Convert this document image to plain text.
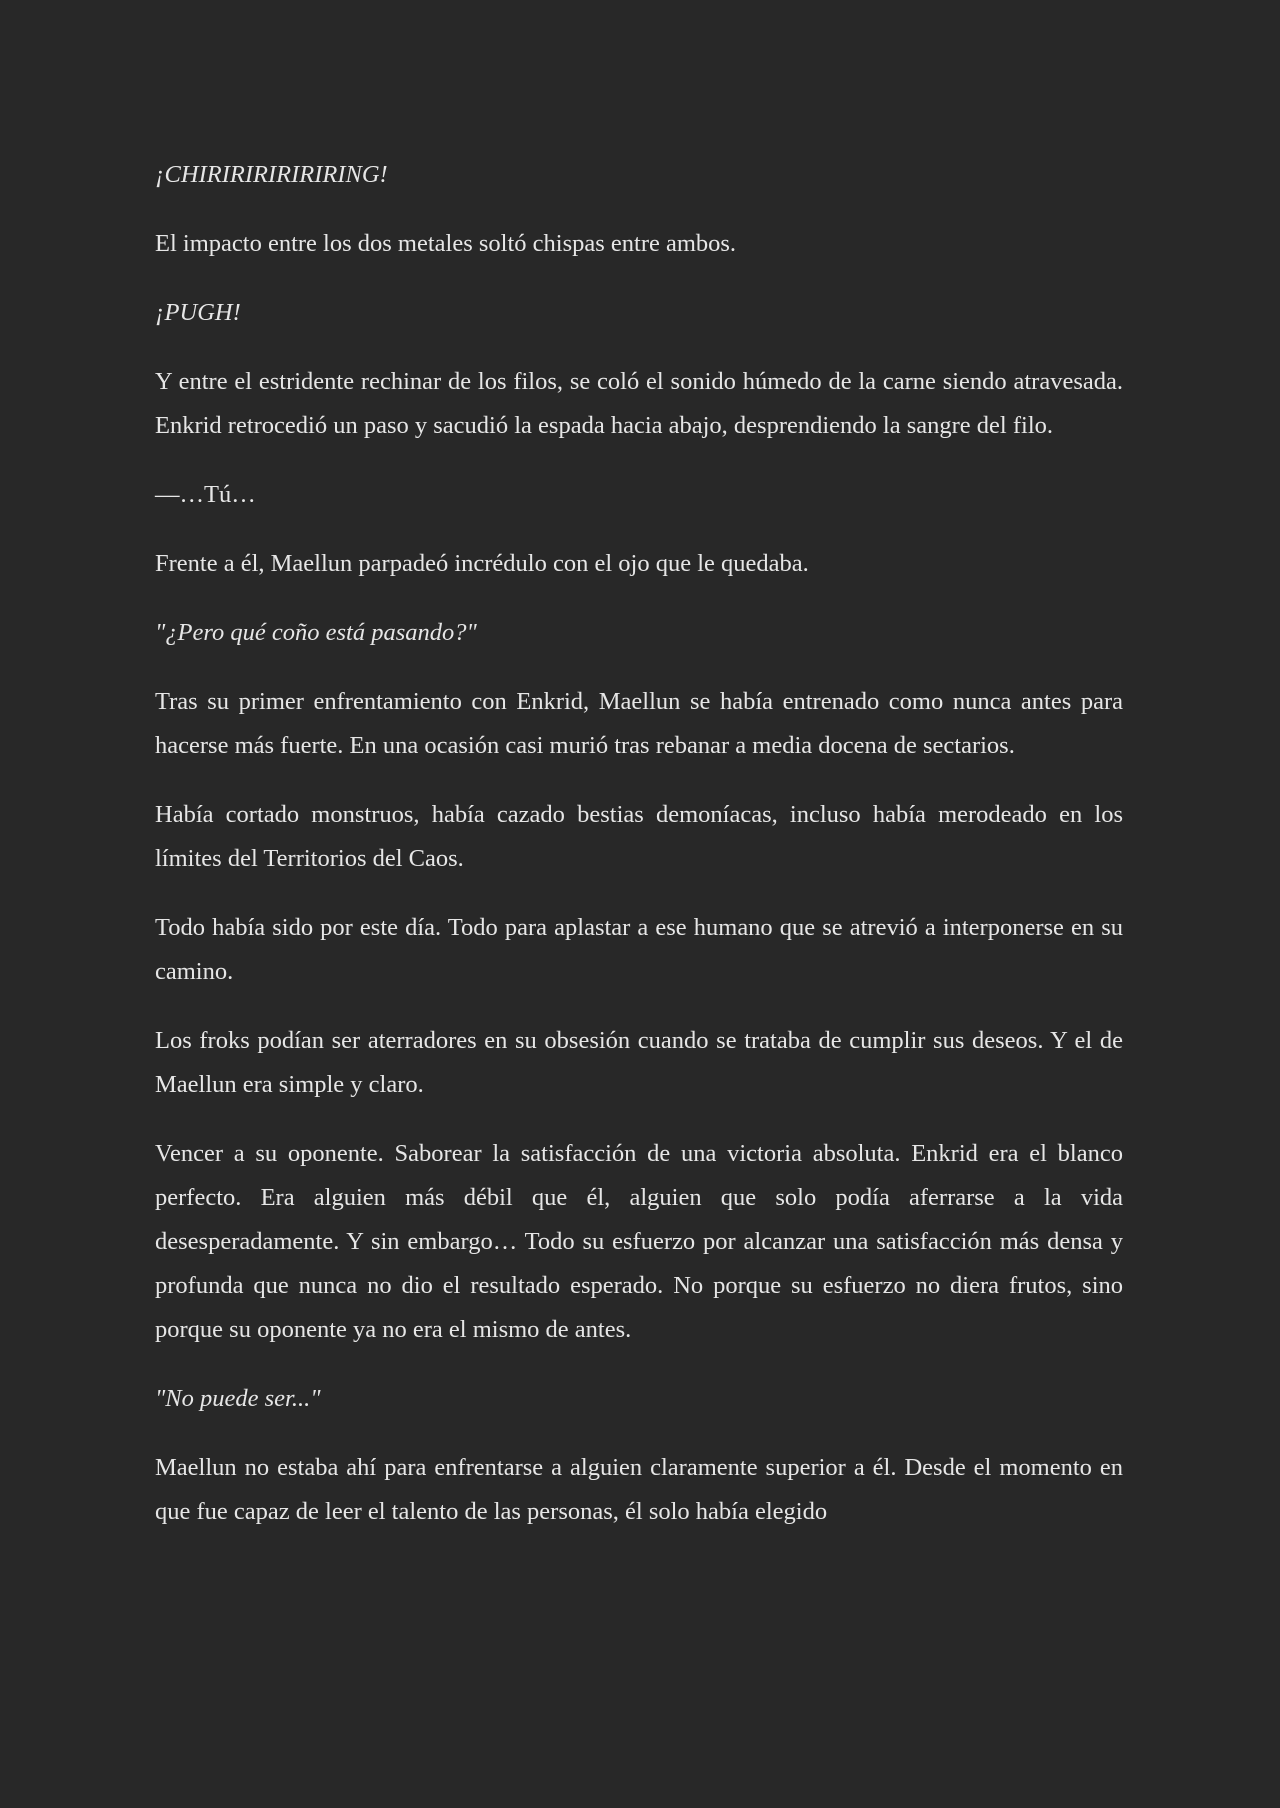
¡CHIRIRIRIRIRIRING!

El impacto entre los dos metales soltó chispas entre ambos.

¡PUGH!

Y entre el estridente rechinar de los filos, se coló el sonido húmedo de la carne siendo atravesada. Enkrid retrocedió un paso y sacudió la espada hacia abajo, desprendiendo la sangre del filo.

—…Tú…

Frente a él, Maellun parpadeó incrédulo con el ojo que le quedaba.

"¿Pero qué coño está pasando?"

Tras su primer enfrentamiento con Enkrid, Maellun se había entrenado como nunca antes para hacerse más fuerte. En una ocasión casi murió tras rebanar a media docena de sectarios.

Había cortado monstruos, había cazado bestias demoníacas, incluso había merodeado en los límites del Territorios del Caos.

Todo había sido por este día. Todo para aplastar a ese humano que se atrevió a interponerse en su camino.

Los froks podían ser aterradores en su obsesión cuando se trataba de cumplir sus deseos. Y el de Maellun era simple y claro.

Vencer a su oponente. Saborear la satisfacción de una victoria absoluta. Enkrid era el blanco perfecto. Era alguien más débil que él, alguien que solo podía aferrarse a la vida desesperadamente. Y sin embargo… Todo su esfuerzo por alcanzar una satisfacción más densa y profunda que nunca no dio el resultado esperado. No porque su esfuerzo no diera frutos, sino porque su oponente ya no era el mismo de antes.

"No puede ser..."

Maellun no estaba ahí para enfrentarse a alguien claramente superior a él. Desde el momento en que fue capaz de leer el talento de las personas, él solo había elegido
